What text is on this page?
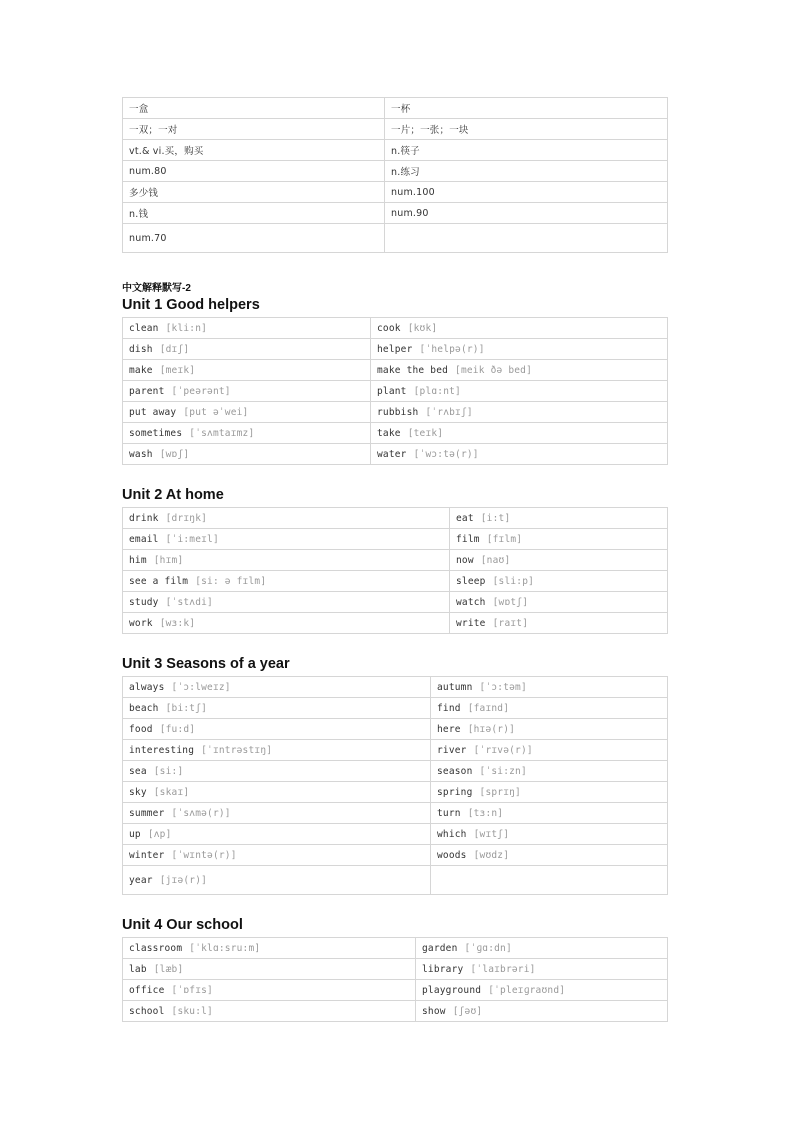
一盒	一杯
一双；一对	一片；一张；一块
vt.& vi.买，购买	n.筷子
num.80	n.练习
多少钱	num.100
n.钱	num.90
num.70	
中文解释默写-2
Unit 1 Good helpers
clean [kli:n]	cook [kʊk]
dish [dɪʃ]	helper [ˈhelpə(r)]
make [meɪk]	make the bed [meik ðə bed]
parent [ˈpeərənt]	plant [plɑ:nt]
put away [put əˈwei]	rubbish [ˈrʌbɪʃ]
sometimes [ˈsʌmtaɪmz]	take [teɪk]
wash [wɒʃ]	water [ˈwɔ:tə(r)]
Unit 2 At home
drink [drɪŋk]	eat [i:t]
email [ˈi:meɪl]	film [fɪlm]
him [hɪm]	now [naʊ]
see a film [si: ə fɪlm]	sleep [sli:p]
study [ˈstʌdi]	watch [wɒtʃ]
work [wɜ:k]	write [raɪt]
Unit 3 Seasons of a year
always [ˈɔ:lweɪz]	autumn [ˈɔ:təm]
beach [bi:tʃ]	find [faɪnd]
food [fu:d]	here [hɪə(r)]
interesting [ˈɪntrəstɪŋ]	river [ˈrɪvə(r)]
sea [si:]	season [ˈsi:zn]
sky [skaɪ]	spring [sprɪŋ]
summer [ˈsʌmə(r)]	turn [tɜ:n]
up [ʌp]	which [wɪtʃ]
winter [ˈwɪntə(r)]	woods [wʊdz]
year [jɪə(r)]	
Unit 4 Our school
classroom [ˈklɑ:sru:m]	garden [ˈɡɑ:dn]
lab [læb]	library [ˈlaɪbrəri]
office [ˈɒfɪs]	playground [ˈpleɪɡraʊnd]
school [sku:l]	show [ʃəʊ]
